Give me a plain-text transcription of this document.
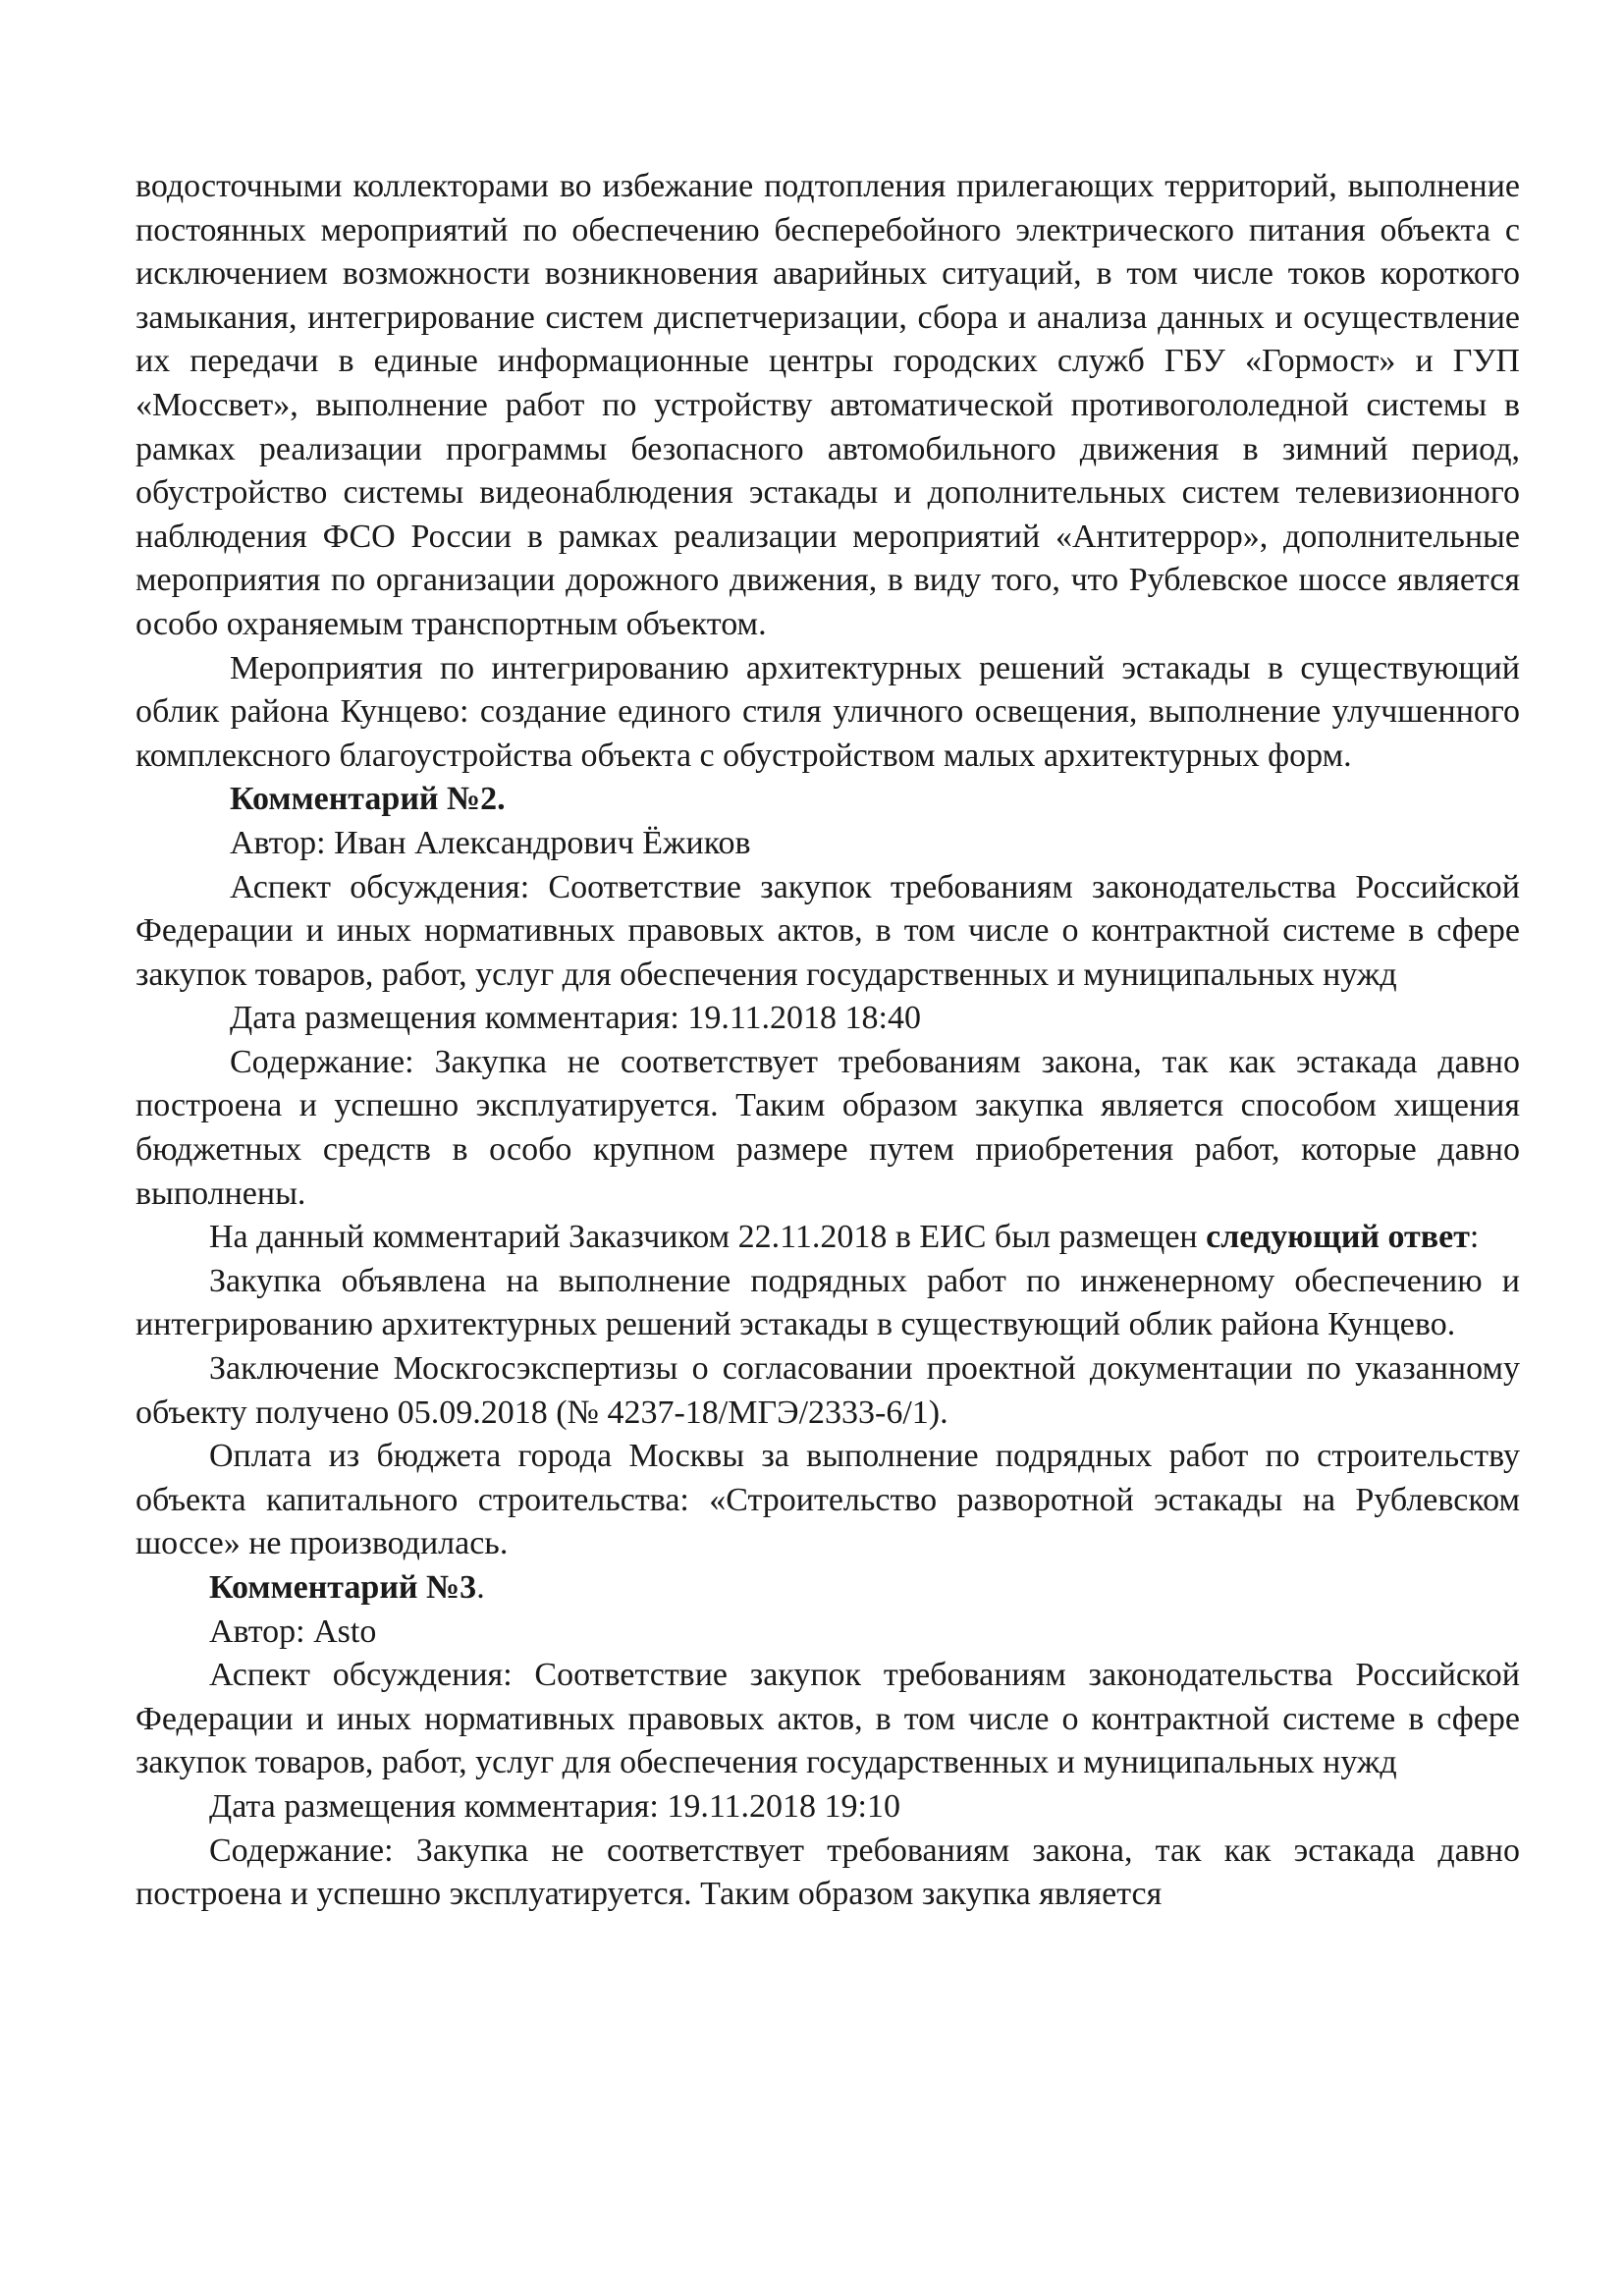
водосточными коллекторами во избежание подтопления прилегающих территорий, выполнение постоянных мероприятий по обеспечению бесперебойного электрического питания объекта с исключением возможности возникновения аварийных ситуаций, в том числе токов короткого замыкания, интегрирование систем диспетчеризации, сбора и анализа данных и осуществление их передачи в единые информационные центры городских служб ГБУ «Гормост» и ГУП «Моссвет», выполнение работ по устройству автоматической противогололедной системы в рамках реализации программы безопасного автомобильного движения в зимний период, обустройство системы видеонаблюдения эстакады и дополнительных систем телевизионного наблюдения ФСО России в рамках реализации мероприятий «Антитеррор», дополнительные мероприятия по организации дорожного движения, в виду того, что Рублевское шоссе является особо охраняемым транспортным объектом.

Мероприятия по интегрированию архитектурных решений эстакады в существующий облик района Кунцево: создание единого стиля уличного освещения, выполнение улучшенного комплексного благоустройства объекта с обустройством малых архитектурных форм.

Комментарий №2.

Автор: Иван Александрович Ёжиков

Аспект обсуждения: Соответствие закупок требованиям законодательства Российской Федерации и иных нормативных правовых актов, в том числе о контрактной системе в сфере закупок товаров, работ, услуг для обеспечения государственных и муниципальных нужд

Дата размещения комментария: 19.11.2018 18:40

Содержание: Закупка не соответствует требованиям закона, так как эстакада давно построена и успешно эксплуатируется. Таким образом закупка является способом хищения бюджетных средств в особо крупном размере путем приобретения работ, которые давно выполнены.

На данный комментарий Заказчиком 22.11.2018 в ЕИС был размещен следующий ответ:

Закупка объявлена на выполнение подрядных работ по инженерному обеспечению и интегрированию архитектурных решений эстакады в существующий облик района Кунцево.

Заключение Москгосэкспертизы о согласовании проектной документации по указанному объекту получено 05.09.2018 (№ 4237-18/МГЭ/2333-6/1).

Оплата из бюджета города Москвы за выполнение подрядных работ по строительству объекта капитального строительства: «Строительство разворотной эстакады на Рублевском шоссе» не производилась.

Комментарий №3.

Автор: Asto

Аспект обсуждения: Соответствие закупок требованиям законодательства Российской Федерации и иных нормативных правовых актов, в том числе о контрактной системе в сфере закупок товаров, работ, услуг для обеспечения государственных и муниципальных нужд

Дата размещения комментария: 19.11.2018 19:10

Содержание: Закупка не соответствует требованиям закона, так как эстакада давно построена и успешно эксплуатируется. Таким образом закупка является
